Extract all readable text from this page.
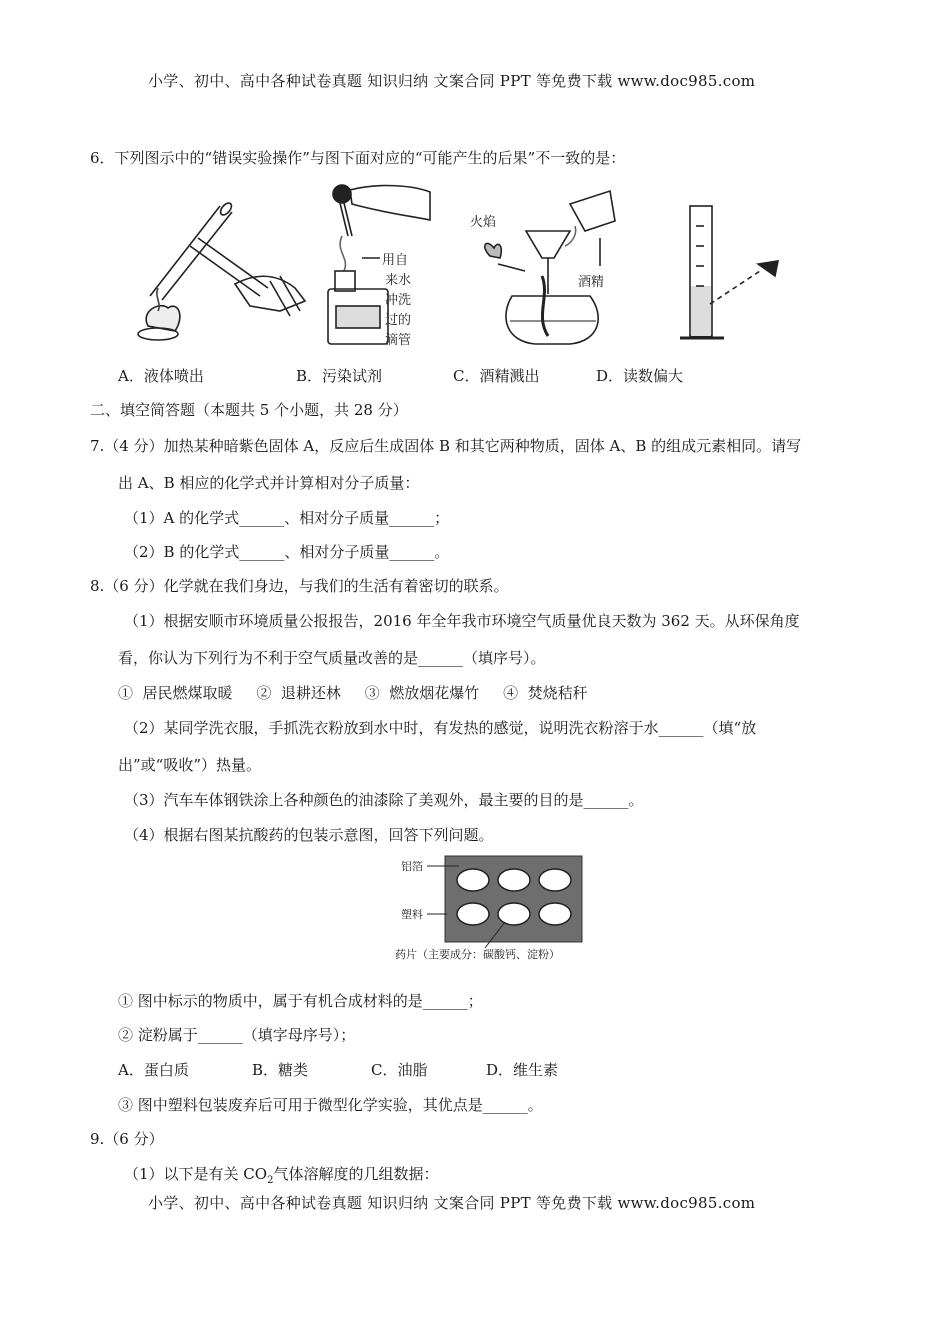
小学、初中、高中各种试卷真题 知识归纳 文案合同 PPT 等免费下载 www.doc985.com
6．下列图示中的“错误实验操作”与图下面对应的“可能产生的后果”不一致的是：
用自
来水
冲洗
过的
滴管
火焰
酒精
A．液体喷出	B．污染试剂	C．酒精溅出	D．读数偏大
二、填空简答题（本题共 5 个小题，共 28 分）
7.（4 分）加热某种暗紫色固体 A，反应后生成固体 B 和其它两种物质，固体 A、B 的组成元素相同。请写
出 A、B 相应的化学式并计算相对分子质量：
（1）A 的化学式______、相对分子质量______；
（2）B 的化学式______、相对分子质量______。
8.（6 分）化学就在我们身边，与我们的生活有着密切的联系。
（1）根据安顺市环境质量公报报告，2016 年全年我市环境空气质量优良天数为 362 天。从环保角度
看，你认为下列行为不利于空气质量改善的是______（填序号）。
①  居民燃煤取暖     ②  退耕还林     ③  燃放烟花爆竹     ④  焚烧秸秆
（2）某同学洗衣服，手抓洗衣粉放到水中时，有发热的感觉，说明洗衣粉溶于水______（填“放
出”或“吸收”）热量。
（3）汽车车体钢铁涂上各种颜色的油漆除了美观外，最主要的目的是______。
（4）根据右图某抗酸药的包装示意图，回答下列问题。
铝箔
塑料
药片（主要成分：碳酸钙、淀粉）
① 图中标示的物质中，属于有机合成材料的是______；
② 淀粉属于______（填字母序号）；
A．蛋白质	B．糖类	C．油脂	D．维生素
③ 图中塑料包装废弃后可用于微型化学实验，其优点是______。
9.（6 分）
（1）以下是有关 $CO_2$气体溶解度的几组数据：
小学、初中、高中各种试卷真题 知识归纳 文案合同 PPT 等免费下载 www.doc985.com
